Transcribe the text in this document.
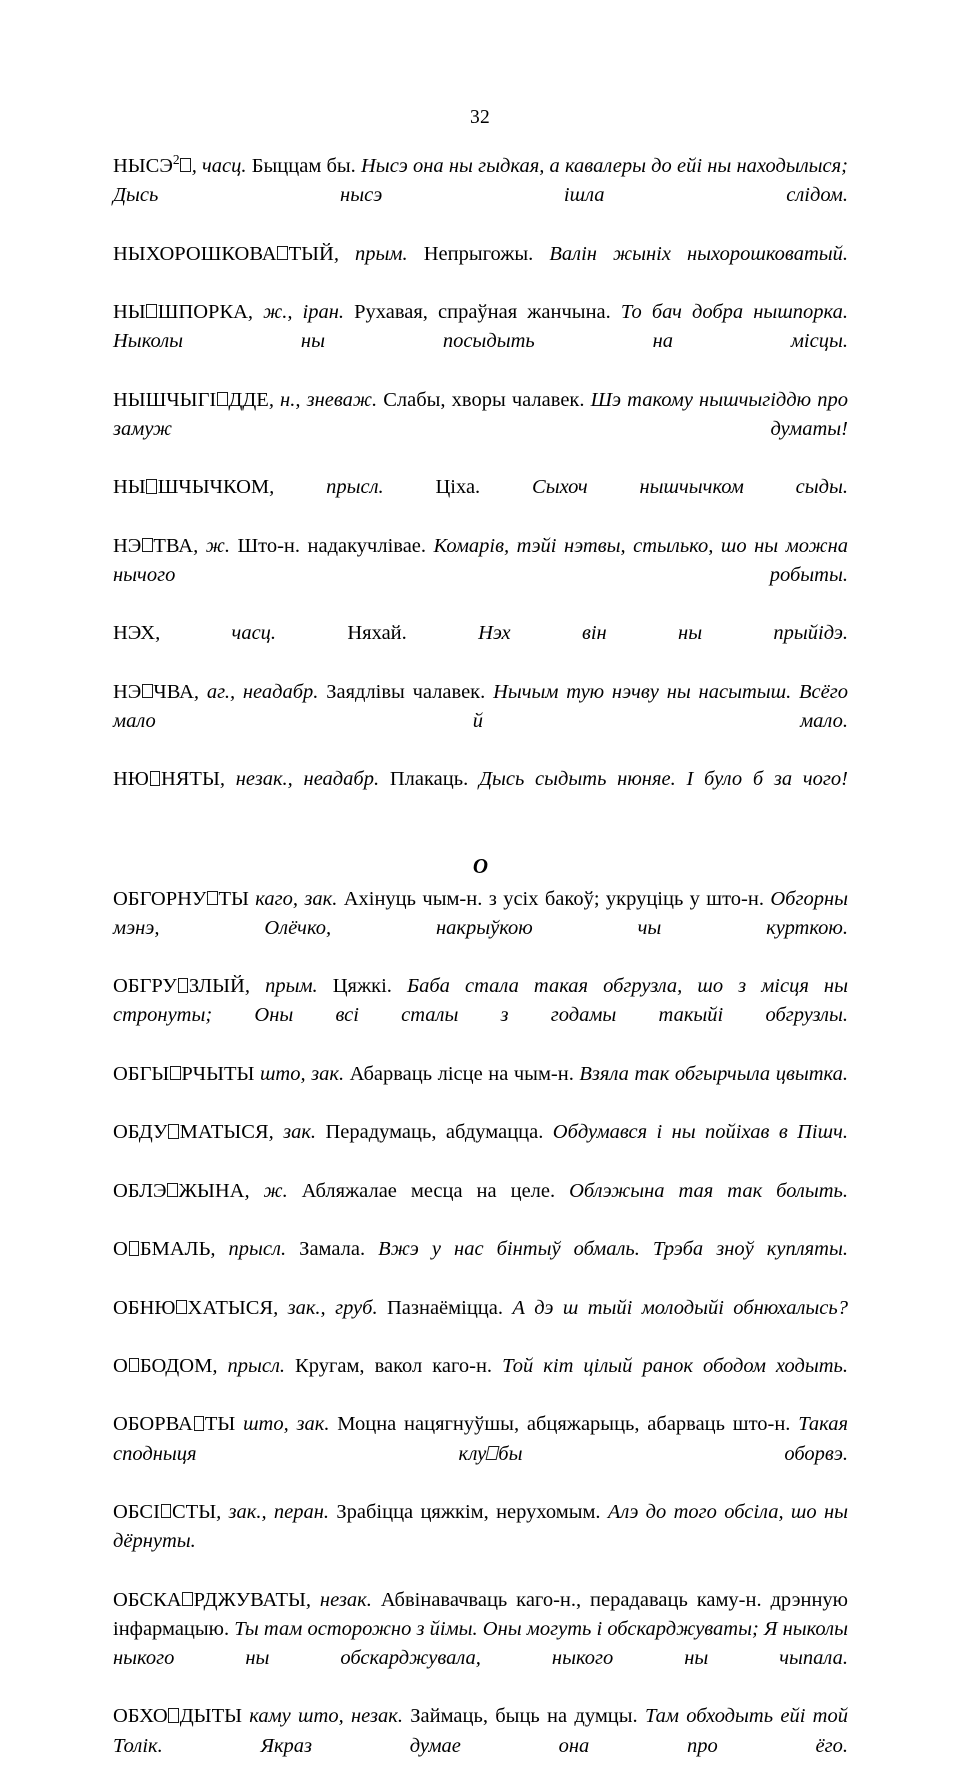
32

НЫСЭ$^2$ , часц. Быццам бы. Нысэ она ны гыдкая, а кавалеры до ейі ны находылыся; Дысь нысэ ішла слідом.

НЫХОРОШКОВА ТЫЙ, прым. Непрыгожы. Валін жыніх ныхорошковатый.

НЫ ШПОРКА, ж., іран. Рухавая, спраўная жанчына. То бач добра нышпорка. Ныколы ны посыдыть на місцы.

НЫШЧЫГІ ДДЕ, н., зневаж. Слабы, хворы чалавек. Шэ такому нышчыгіддю про замуж думаты!

НЫ ШЧЫЧКОМ, прысл. Ціха. Сыхоч нышчычком сыды.

НЭ ТВА, ж. Што-н. надакучлівае. Комарів, тэйі нэтвы, стылько, шо ны можна нычого робыты.

НЭХ, часц. Няхай. Нэх він ны прыйідэ.

НЭ ЧВА, аг., неадабр. Заядлівы чалавек. Нычым тую нэчву ны насытыш. Всёго мало й мало.

НЮ НЯТЫ, незак., неадабр. Плакаць. Дысь сыдыть нюняе. І було б за чого!

О

ОБГОРНУ ТЫ каго, зак. Ахінуць чым-н. з усіх бакоў; укруціць у што-н. Обгорны мэнэ, Олёчко, накрыўкою чы курткою.

ОБГРУ ЗЛЫЙ, прым. Цяжкі. Баба стала такая обгрузла, шо з місця ны стронуты; Оны всі сталы з годамы такыйі обгрузлы.

ОБГЫ РЧЫТЫ што, зак. Абарваць лісце на чым-н. Взяла так обгырчыла цвытка.

ОБДУ МАТЫСЯ, зак. Перадумаць, абдумацца. Обдумався і ны пойіхав в Пішч.

ОБЛЭ ЖЫНА, ж. Абляжалае месца на целе. Облэжына тая так болыть.

О БМАЛЬ, прысл. Замала. Вжэ у нас бінтыў обмаль. Трэба зноў купляты.

ОБНЮ ХАТЫСЯ, зак., груб. Пазнаёміцца. А дэ ш тыйі молодыйі обнюхалысь?

О БОДОМ, прысл. Кругам, вакол каго-н. Той кіт цілый ранок ободом ходыть.

ОБОРВА ТЫ што, зак. Моцна нацягнуўшы, абцяжарыць, абарваць што-н. Такая сподныця клу бы оборвэ.

ОБСІ СТЫ, зак., перан. Зрабіцца цяжкім, нерухомым. Алэ до того обсіла, шо ны дёрнуты.

ОБСКА РДЖУВАТЫ, незак. Абвінавачваць каго-н., перадаваць каму-н. дрэнную інфармацыю. Ты там осторожно з йімы. Оны могуть і обскарджуваты; Я ныколы ныкого ны обскарджувала, ныкого ны чыпала.

ОБХО ДЫТЫ каму што, незак. Займаць, быць на думцы. Там обходыть ейі той Толік. Якраз думае она про ёго.
